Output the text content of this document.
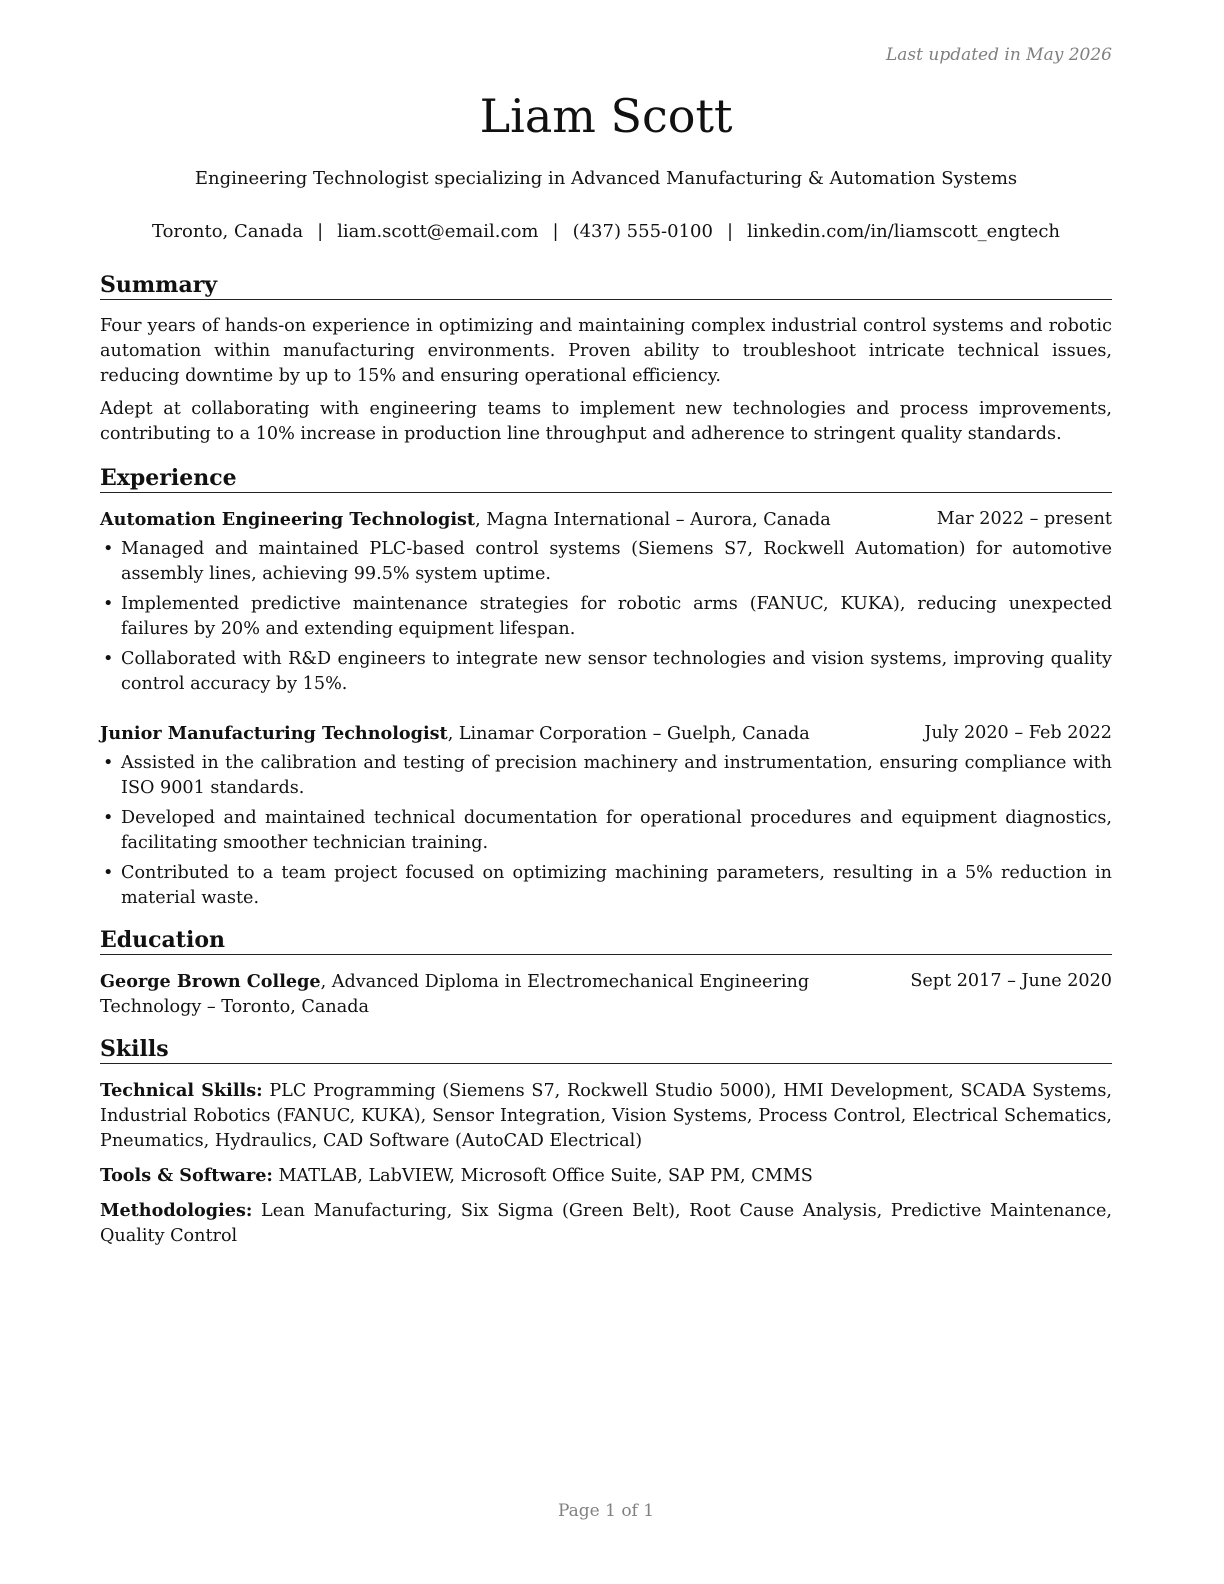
Last updated in May 2026
Liam Scott
Engineering Technologist specializing in Advanced Manufacturing & Automation Systems
Toronto, Canada | liam.scott@email.com | (437) 555-0100 | linkedin.com/in/liamscott_engtech
Summary

Four years of hands-on experience in optimizing and maintaining complex industrial control systems and robotic automation within manufacturing environments. Proven ability to troubleshoot intricate technical issues, reducing downtime by up to 15% and ensuring operational efficiency.

Adept at collaborating with engineering teams to implement new technologies and process improvements, contributing to a 10% increase in production line throughput and adherence to stringent quality standards.

Experience
Automation Engineering Technologist, Magna International – Aurora, Canada	Mar 2022 – present
• Managed and maintained PLC-based control systems (Siemens S7, Rockwell Automation) for automotive assembly lines, achieving 99.5% system uptime.
• Implemented predictive maintenance strategies for robotic arms (FANUC, KUKA), reducing unexpected failures by 20% and extending equipment lifespan.
• Collaborated with R&D engineers to integrate new sensor technologies and vision systems, improving quality control accuracy by 15%.
Junior Manufacturing Technologist, Linamar Corporation – Guelph, Canada	July 2020 – Feb 2022
• Assisted in the calibration and testing of precision machinery and instrumentation, ensuring compliance with ISO 9001 standards.
• Developed and maintained technical documentation for operational procedures and equipment diagnostics, facilitating smoother technician training.
• Contributed to a team project focused on optimizing machining parameters, resulting in a 5% reduction in material waste.
Education
George Brown College, Advanced Diploma in Electromechanical Engineering Technology – Toronto, Canada
Sept 2017 – June 2020
Skills

Technical Skills: PLC Programming (Siemens S7, Rockwell Studio 5000), HMI Development, SCADA Systems, Industrial Robotics (FANUC, KUKA), Sensor Integration, Vision Systems, Process Control, Electrical Schematics, Pneumatics, Hydraulics, CAD Software (AutoCAD Electrical)

Tools & Software: MATLAB, LabVIEW, Microsoft Office Suite, SAP PM, CMMS

Methodologies: Lean Manufacturing, Six Sigma (Green Belt), Root Cause Analysis, Predictive Maintenance, Quality Control

Page 1 of 1
